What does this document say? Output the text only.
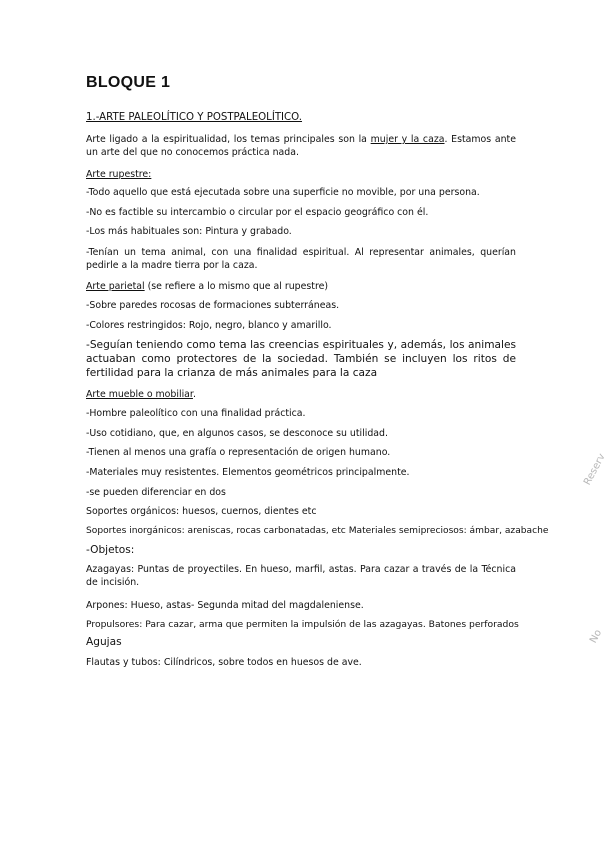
BLOQUE 1
1.-ARTE PALEOLÍTICO Y POSTPALEOLÍTICO.
Arte ligado a la espiritualidad, los temas principales son la mujer y la caza. Estamos ante un arte del que no conocemos práctica nada.
Arte rupestre:
-Todo aquello que está ejecutada sobre una superficie no movible, por una persona.
-No es factible su intercambio o circular por el espacio geográfico con él.
-Los más habituales son: Pintura y grabado.
-Tenían un tema animal, con una finalidad espiritual. Al representar animales, querían pedirle a la madre tierra por la caza.
Arte parietal (se refiere a lo mismo que al rupestre)
-Sobre paredes rocosas de formaciones subterráneas.
-Colores restringidos: Rojo, negro, blanco y amarillo.
-Seguían teniendo como tema las creencias espirituales y, además, los animales actuaban como protectores de la sociedad. También se incluyen los ritos de fertilidad para la crianza de más animales para la caza
Arte mueble o mobiliar.
-Hombre paleolítico con una finalidad práctica.
-Uso cotidiano, que, en algunos casos, se desconoce su utilidad.
-Tienen al menos una grafía o representación de origen humano.
-Materiales muy resistentes. Elementos geométricos principalmente.
-se pueden diferenciar en dos
Soportes orgánicos: huesos, cuernos, dientes etc
Soportes inorgánicos: areniscas, rocas carbonatadas, etc Materiales semipreciosos: ámbar, azabache
-Objetos:
Azagayas: Puntas de proyectiles. En hueso, marfil, astas. Para cazar a través de la Técnica de incisión.
Arpones: Hueso, astas- Segunda mitad del magdaleniense.
Propulsores: Para cazar, arma que permiten la impulsión de las azagayas. Batones perforados
Agujas
Flautas y tubos: Cilíndricos, sobre todos en huesos de ave.
Reserv
No
